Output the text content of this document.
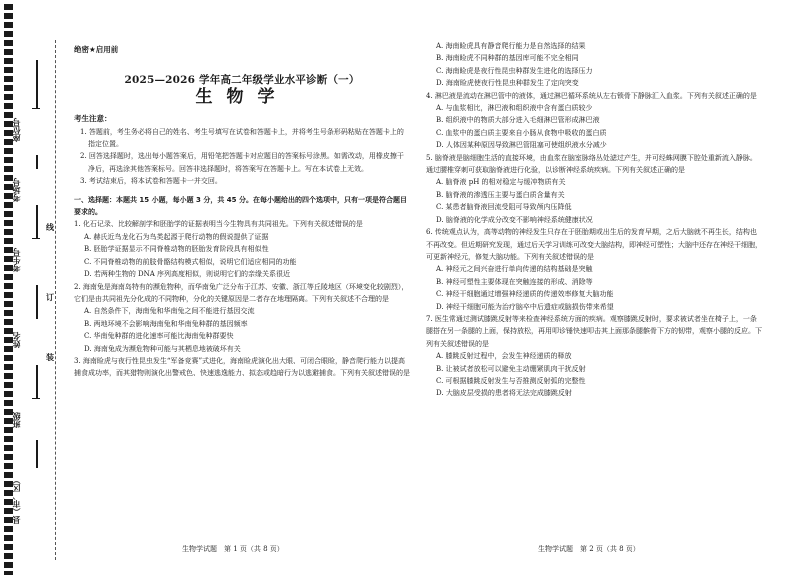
座位号
考场号
考生号
姓名
班级
县（市、区）
线
订
装
绝密★启用前
2025—2026 学年高二年级学业水平诊断（一）
生物学
考生注意：

1. 答题前，考生务必将自己的姓名、考生号填写在试卷和答题卡上，并将考生号条形码粘贴在答题卡上的指定位置。

2. 回答选择题时，选出每小题答案后，用铅笔把答题卡对应题目的答案标号涂黑。如需改动，用橡皮擦干净后，再选涂其他答案标号。回答非选择题时，将答案写在答题卡上。写在本试卷上无效。

3. 考试结束后，将本试卷和答题卡一并交回。

一、选择题：本题共 15 小题，每小题 3 分，共 45 分。在每小题给出的四个选项中，只有一项是符合题目要求的。

1. 化石记录、比较解剖学和胚胎学的证据表明当今生物具有共同祖先。下列有关叙述错误的是

A. 赫氏近鸟龙化石为鸟类起源于爬行动物的假说提供了证据

B. 胚胎学证据显示不同脊椎动物的胚胎发育阶段具有相似性

C. 不同脊椎动物的前肢骨骼结构模式相似，说明它们适应相同的功能

D. 若两种生物的 DNA 序列高度相似，则说明它们的亲缘关系很近

2. 海南兔是海南岛特有的濒危物种，而华南兔广泛分布于江苏、安徽、浙江等丘陵地区（环境变化较剧烈），它们是由共同祖先分化成的不同物种，分化的关键原因是二者存在地理隔离。下列有关叙述不合理的是

A. 自然条件下，海南兔和华南兔之间不能进行基因交流

B. 两地环境不会影响海南兔和华南兔种群的基因频率

C. 华南兔种群的进化速率可能比海南兔种群要快

D. 海南兔成为濒危物种可能与其栖息地被破坏有关

3. 海南睑虎与夜行性昆虫发生“军备竞赛”式进化，海南睑虎演化出大眼、可闭合眼睑，静音爬行能力以提高捕食成功率，而其猎物则演化出警戒色、快速逃逸能力、拟态或趋暗行为以逃避捕食。下列有关叙述错误的是

生物学试题　第 1 页（共 8 页）

A. 海南睑虎具有静音爬行能力是自然选择的结果

B. 海南睑虎不同种群的基因库可能不完全相同

C. 海南睑虎是夜行性昆虫种群发生进化的选择压力

D. 海南睑虎使夜行性昆虫种群发生了定向突变

4. 淋巴液是流动在淋巴管中的液体，通过淋巴循环系统从左右锁骨下静脉汇入血浆。下列有关叙述正确的是

A. 与血浆相比，淋巴液和组织液中含有蛋白质较少

B. 组织液中的物质大部分进入毛细淋巴管形成淋巴液

C. 血浆中的蛋白质主要来自小肠从食物中吸收的蛋白质

D. 人体因某种原因导致淋巴管阻塞可使组织液水分减少

5. 脑脊液是脑细胞生活的直接环境，由血浆在脑室脉络丛处滤过产生，并可经蛛网膜下腔处重新流入静脉。通过腰椎穿刺可获取脑脊液进行化验，以诊断神经系统疾病。下列有关叙述正确的是

A. 脑脊液 pH 的相对稳定与缓冲物质有关

B. 脑脊液的渗透压主要与蛋白质含量有关

C. 某患者脑脊液回流受阻可导致颅内压降低

D. 脑脊液的化学成分改变不影响神经系统健康状况

6. 传统观点认为，高等动物的神经发生只存在于胚胎期或出生后的发育早期，之后大脑就不再生长，结构也不再改变。但近期研究发现，通过后天学习训练可改变大脑结构，即神经可塑性；大脑中还存在神经干细胞，可更新神经元，修复大脑功能。下列有关叙述错误的是

A. 神经元之间兴奋进行单向传递的结构基础是突触

B. 神经可塑性主要体现在突触连接的形成、消除等

C. 神经干细胞通过增强神经递质的传递效率修复大脑功能

D. 神经干细胞可能为治疗脑卒中后遗症或脑损伤带来希望

7. 医生常通过测试膝跳反射等来检查神经系统方面的疾病。观察膝跳反射时，要求被试者坐在椅子上，一条腿搭在另一条腿的上面，保持放松，再用叩诊锤快速叩击其上面那条腿髌骨下方的韧带，观察小腿的反应。下列有关叙述错误的是

A. 膝跳反射过程中，会发生神经递质的释放

B. 让被试者放松可以避免主动绷紧肌肉干扰反射

C. 可根据膝跳反射发生与否推测反射弧的完整性

D. 大脑皮层受损的患者将无法完成膝跳反射

生物学试题　第 2 页（共 8 页）
